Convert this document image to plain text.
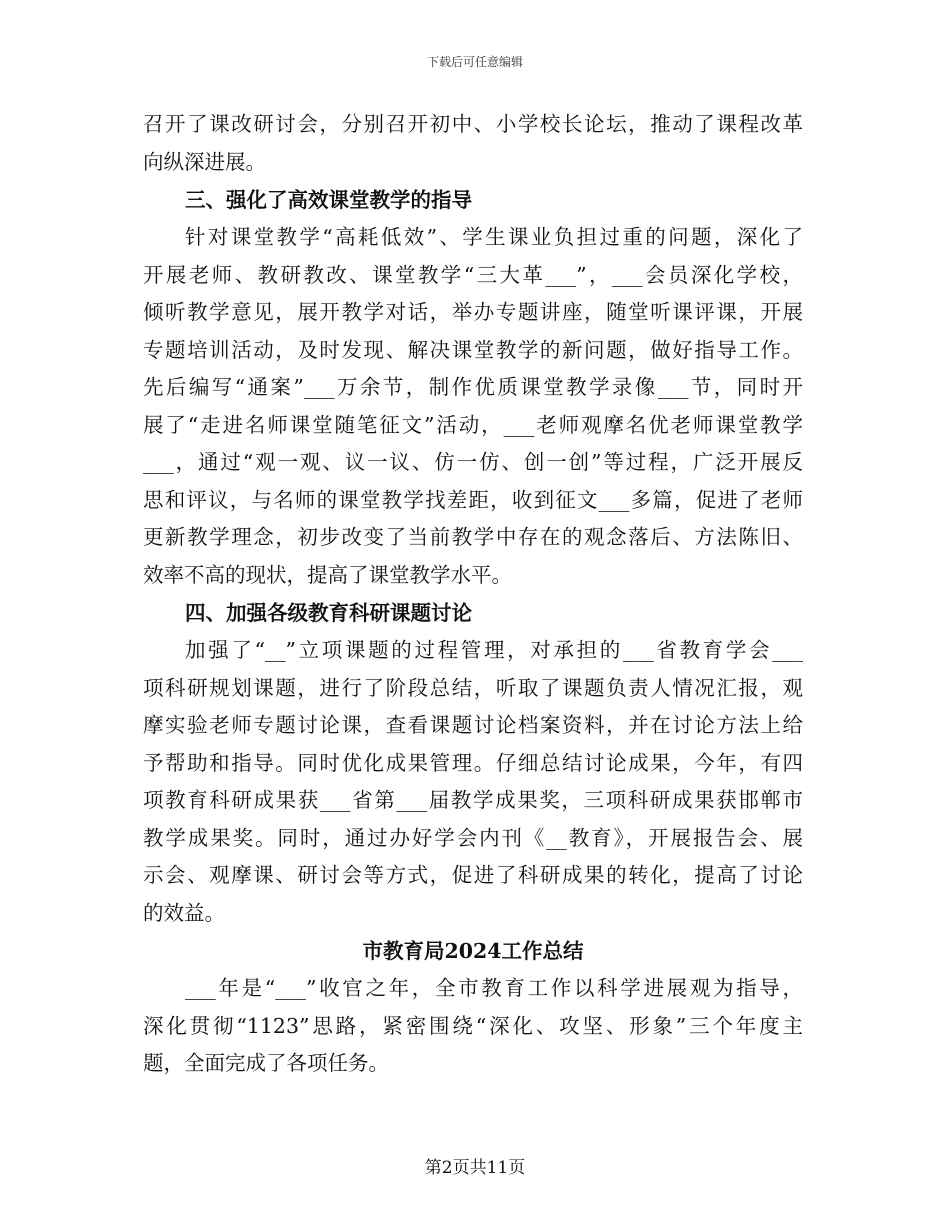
下载后可任意编辑
召开了课改研讨会，分别召开初中、小学校长论坛，推动了课程改革
向纵深进展。
三、强化了高效课堂教学的指导
针对课堂教学“高耗低效”、学生课业负担过重的问题，深化了
开展老师、教研教改、课堂教学“三大革___”，___会员深化学校，
倾听教学意见，展开教学对话，举办专题讲座，随堂听课评课，开展
专题培训活动，及时发现、解决课堂教学的新问题，做好指导工作。
先后编写“通案”___万余节，制作优质课堂教学录像___节，同时开
展了“走进名师课堂随笔征文”活动，___老师观摩名优老师课堂教学
___，通过“观一观、议一议、仿一仿、创一创”等过程，广泛开展反
思和评议，与名师的课堂教学找差距，收到征文___多篇，促进了老师
更新教学理念，初步改变了当前教学中存在的观念落后、方法陈旧、
效率不高的现状，提高了课堂教学水平。
四、加强各级教育科研课题讨论
加强了“__”立项课题的过程管理，对承担的___省教育学会___
项科研规划课题，进行了阶段总结，听取了课题负责人情况汇报，观
摩实验老师专题讨论课，查看课题讨论档案资料，并在讨论方法上给
予帮助和指导。同时优化成果管理。仔细总结讨论成果，今年，有四
项教育科研成果获___省第___届教学成果奖，三项科研成果获邯郸市
教学成果奖。同时，通过办好学会内刊《__教育》，开展报告会、展
示会、观摩课、研讨会等方式，促进了科研成果的转化，提高了讨论
的效益。
市教育局2024工作总结
___年是“___”收官之年，全市教育工作以科学进展观为指导，
深化贯彻“1123”思路，紧密围绕“深化、攻坚、形象”三个年度主
题，全面完成了各项任务。
第2页共11页
